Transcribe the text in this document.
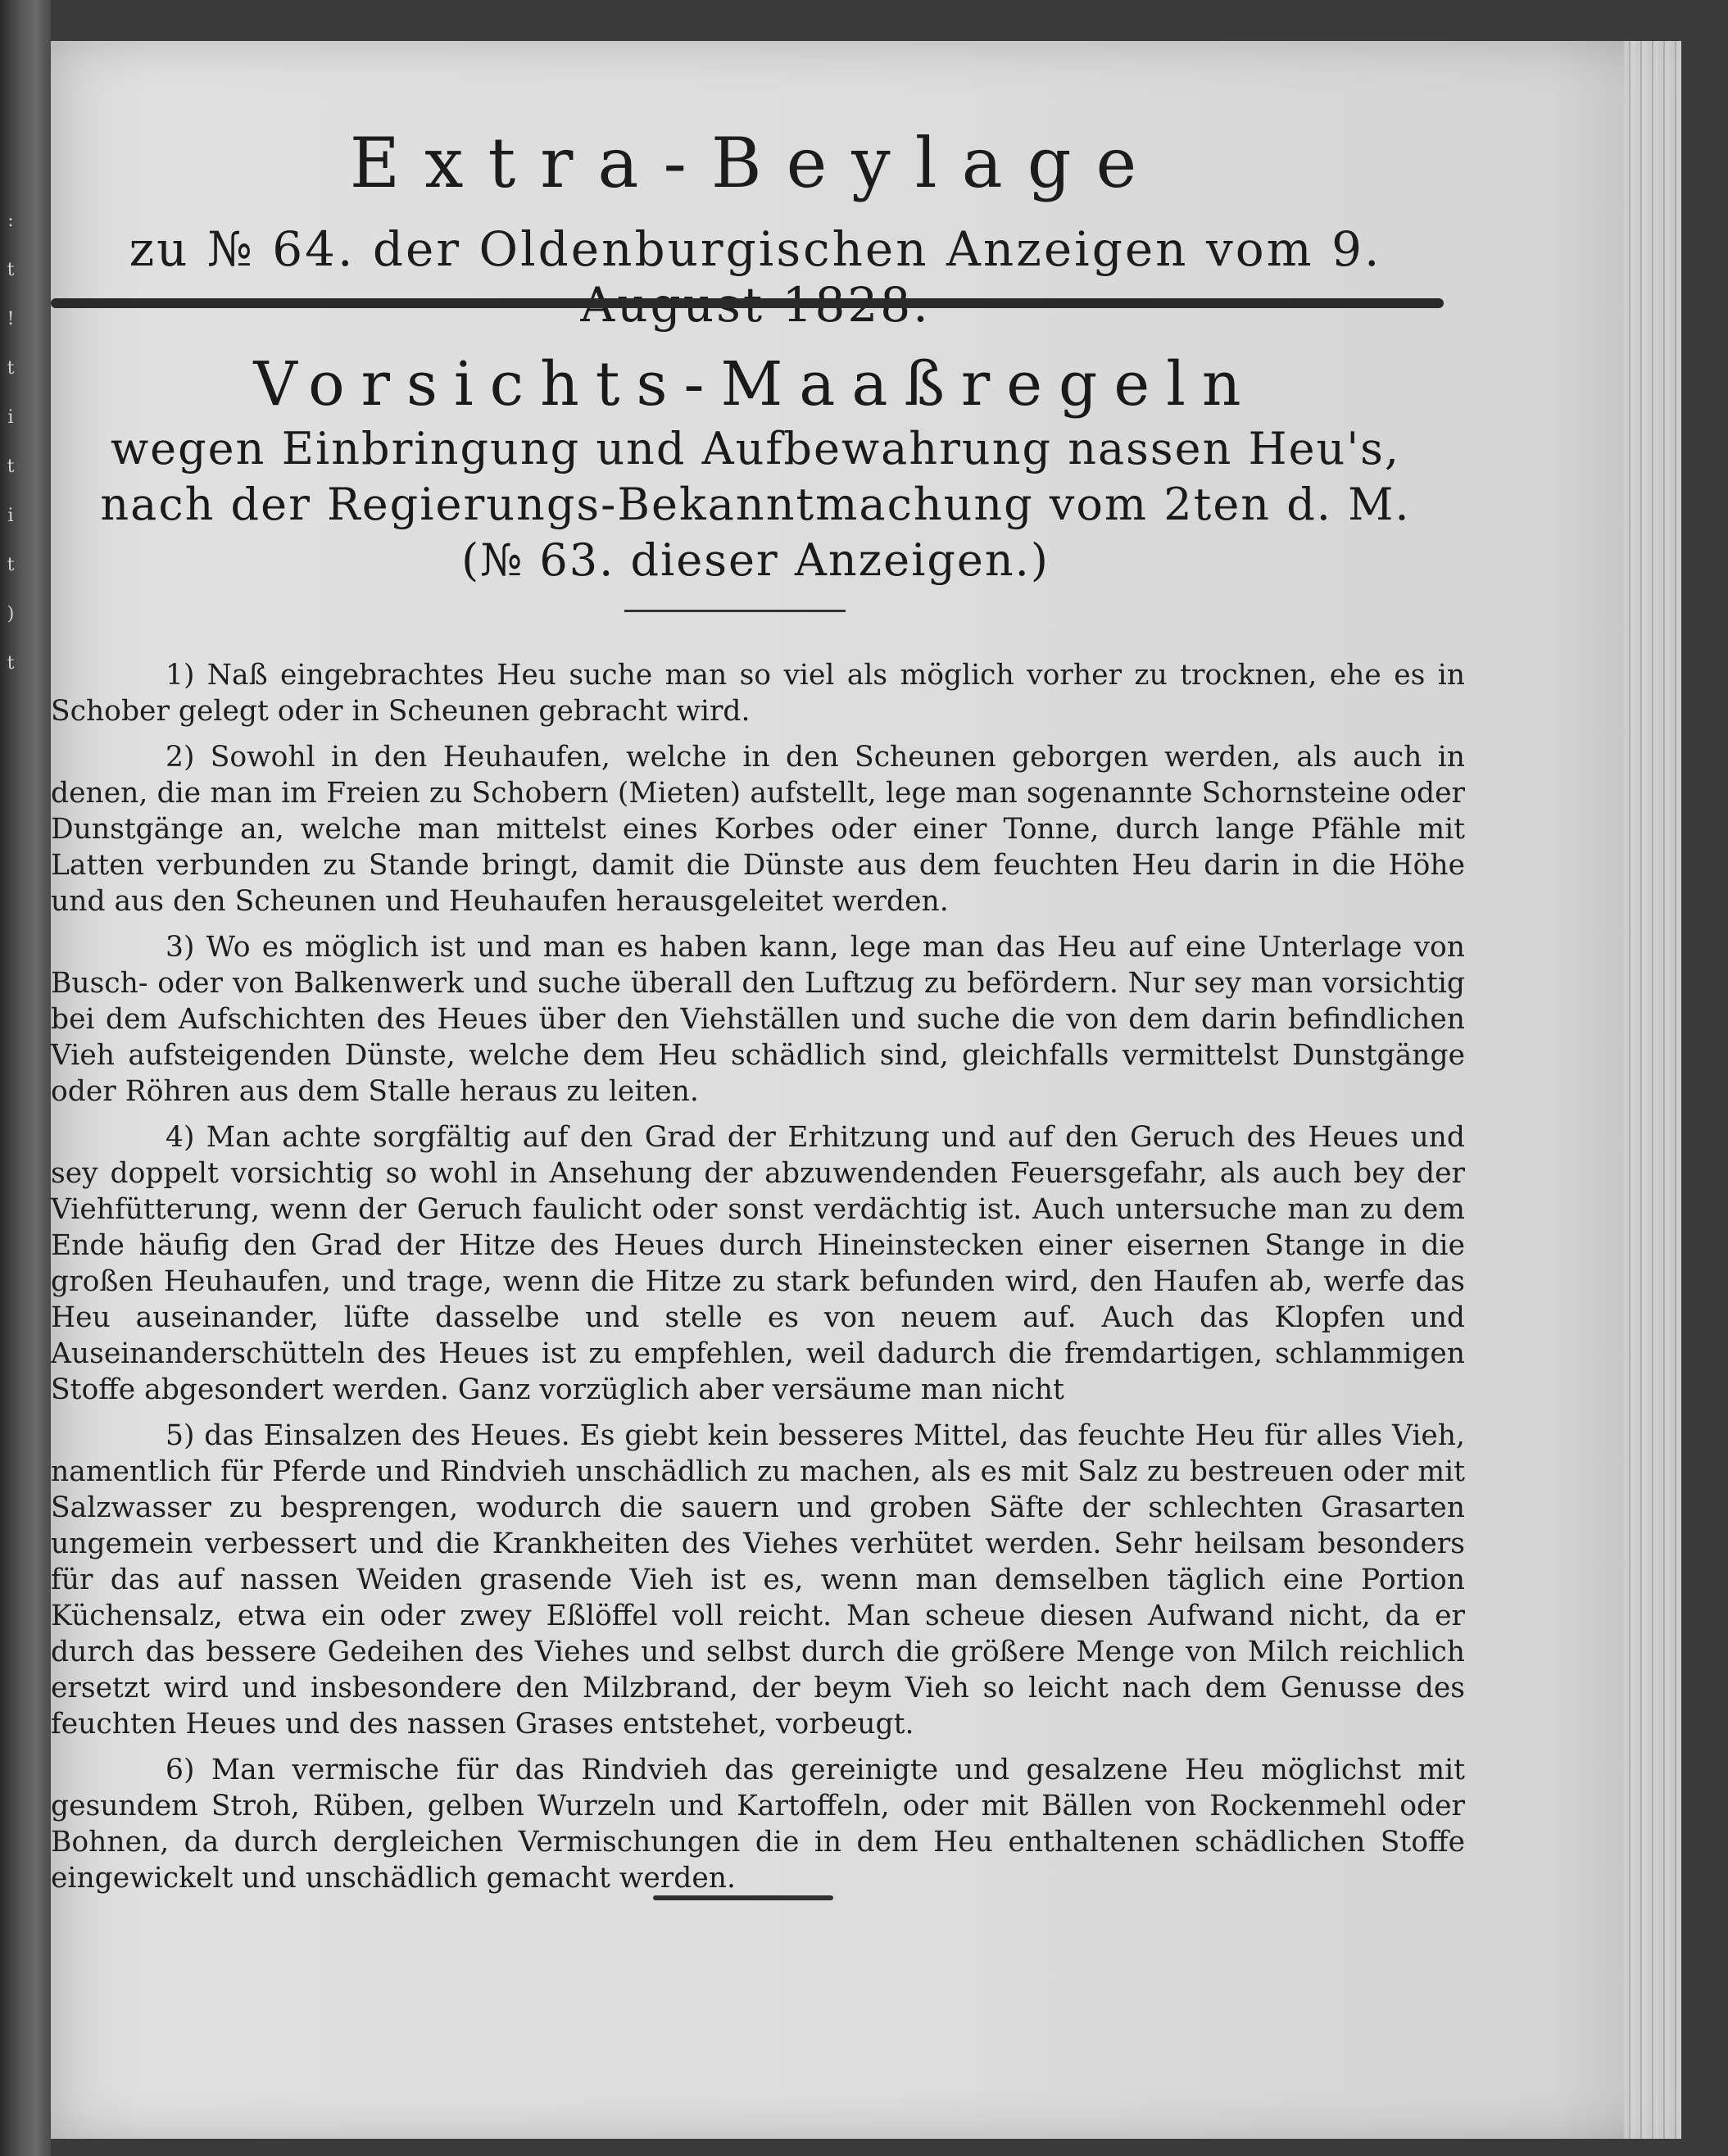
:
t
!
t
i
t
i
t
)
t
Extra-Beylage
zu № 64. der Oldenburgischen Anzeigen vom 9.
Vorsichts-Maaßregeln
wegen Einbringung und Aufbewahrung nassen Heu's,
nach der Regierungs-Bekanntmachung vom 2ten d. M.
(№ 63. dieser Anzeigen.)

1) Naß eingebrachtes Heu suche man so viel als möglich vorher zu trocknen, ehe es in Schober gelegt oder in Scheunen gebracht wird.

2) Sowohl in den Heuhaufen, welche in den Scheunen geborgen werden, als auch in denen, die man im Freien zu Schobern (Mieten) aufstellt, lege man sogenannte Schornsteine oder Dunstgänge an, welche man mittelst eines Korbes oder einer Tonne, durch lange Pfähle mit Latten verbunden zu Stande bringt, damit die Dünste aus dem feuchten Heu darin in die Höhe und aus den Scheunen und Heuhaufen herausgeleitet werden.

3) Wo es möglich ist und man es haben kann, lege man das Heu auf eine Unterlage von Busch- oder von Balkenwerk und suche überall den Luftzug zu befördern. Nur sey man vorsichtig bei dem Aufschichten des Heues über den Viehställen und suche die von dem darin befindlichen Vieh aufsteigenden Dünste, welche dem Heu schädlich sind, gleichfalls vermittelst Dunstgänge oder Röhren aus dem Stalle heraus zu leiten.

4) Man achte sorgfältig auf den Grad der Erhitzung und auf den Geruch des Heues und sey doppelt vorsichtig so wohl in Ansehung der abzuwendenden Feuersgefahr, als auch bey der Viehfütterung, wenn der Geruch faulicht oder sonst verdächtig ist. Auch untersuche man zu dem Ende häufig den Grad der Hitze des Heues durch Hineinstecken einer eisernen Stange in die großen Heuhaufen, und trage, wenn die Hitze zu stark befunden wird, den Haufen ab, werfe das Heu auseinander, lüfte dasselbe und stelle es von neuem auf. Auch das Klopfen und Auseinanderschütteln des Heues ist zu empfehlen, weil dadurch die fremdartigen, schlammigen Stoffe abgesondert werden. Ganz vorzüglich aber versäume man nicht

5) das Einsalzen des Heues. Es giebt kein besseres Mittel, das feuchte Heu für alles Vieh, namentlich für Pferde und Rindvieh unschädlich zu machen, als es mit Salz zu bestreuen oder mit Salzwasser zu besprengen, wodurch die sauern und groben Säfte der schlechten Grasarten ungemein verbessert und die Krankheiten des Viehes verhütet werden. Sehr heilsam besonders für das auf nassen Weiden grasende Vieh ist es, wenn man demselben täglich eine Portion Küchensalz, etwa ein oder zwey Eßlöffel voll reicht. Man scheue diesen Aufwand nicht, da er durch das bessere Gedeihen des Viehes und selbst durch die größere Menge von Milch reichlich ersetzt wird und insbesondere den Milzbrand, der beym Vieh so leicht nach dem Genusse des feuchten Heues und des nassen Grases entstehet, vorbeugt.

6) Man vermische für das Rindvieh das gereinigte und gesalzene Heu möglichst mit gesundem Stroh, Rüben, gelben Wurzeln und Kartoffeln, oder mit Bällen von Rockenmehl oder Bohnen, da durch dergleichen Vermischungen die in dem Heu enthaltenen schädlichen Stoffe eingewickelt und unschädlich gemacht werden.
